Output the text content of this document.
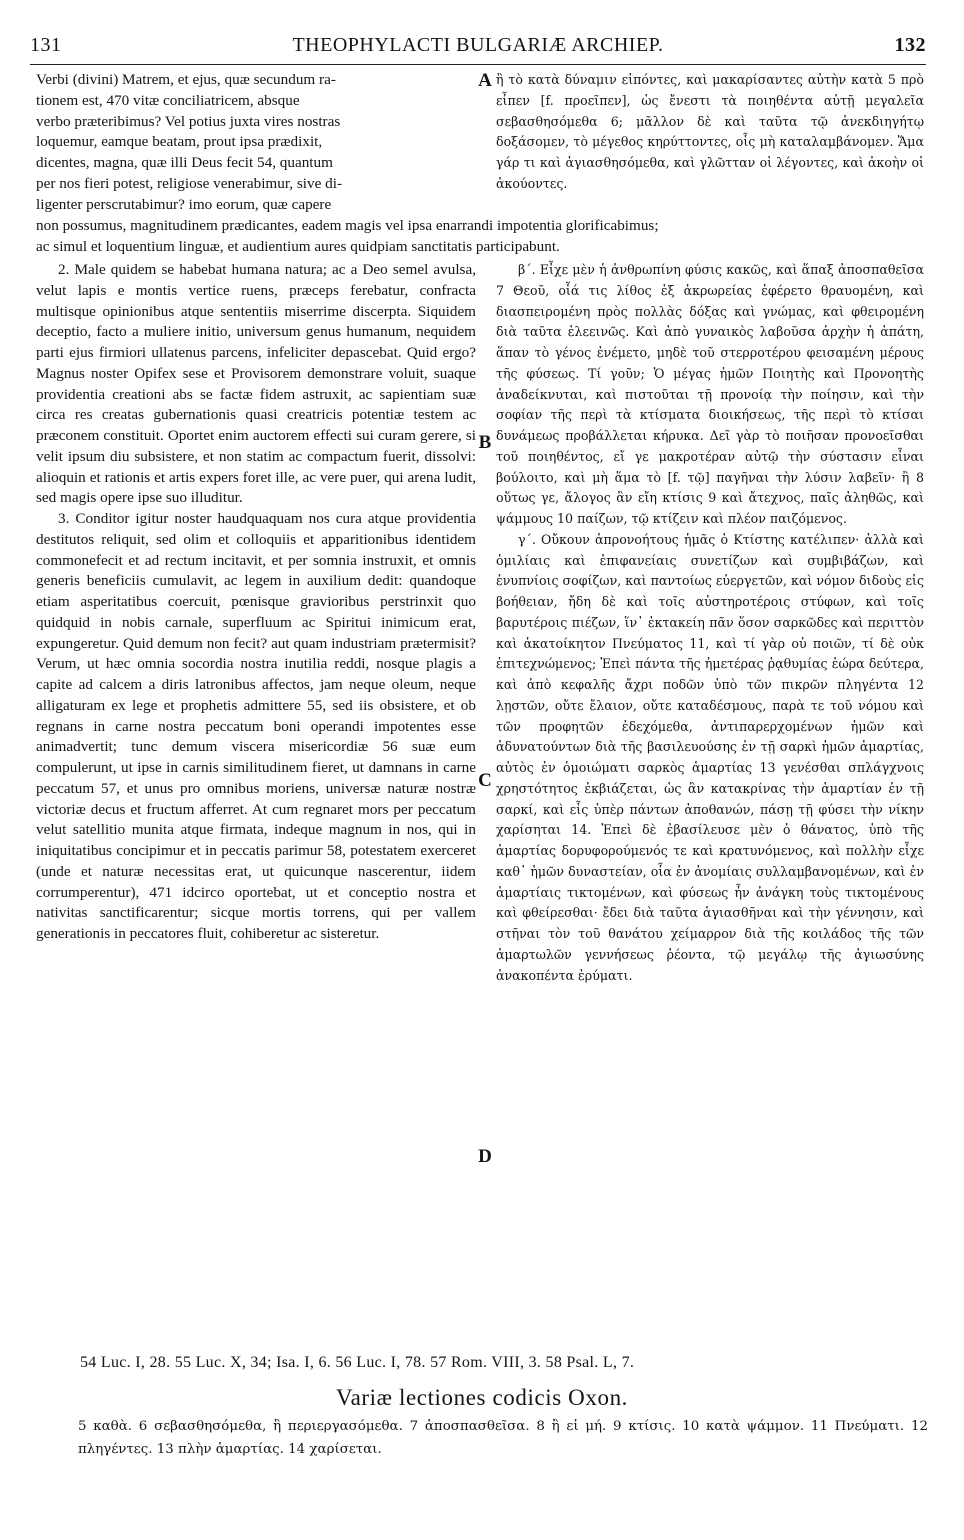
131	THEOPHYLACTI BULGARIÆ ARCHIEP.	132
Verbi (divini) Matrem, et ejus, quæ secundum ra-
tionem est, 470 vitæ conciliatricem, absque
verbo præteribimus? Vel potius juxta vires nostras
loquemur, eamque beatam, prout ipsa prædixit,
dicentes, magna, quæ illi Deus fecit 54, quantum
per nos fieri potest, religiose venerabimur, sive di-
ligenter perscrutabimur? imo eorum, quæ capere

ἢ τὸ κατὰ δύναμιν εἰπόντες, καὶ μακαρίσαντες αὐτὴν κατὰ 5 πρὸ εἶπεν [f. προεῖπεν], ὡς ἔνεστι τὰ ποιηθέντα αὐτῇ μεγαλεῖα σεβασθησόμεθα 6; μᾶλλον δὲ καὶ ταῦτα τῷ ἀνεκδιηγήτῳ δοξάσομεν, τὸ μέγεθος κηρύττοντες, οἷς μὴ καταλαμβάνομεν. Ἅμα γάρ τι καὶ ἁγιασθησόμεθα, καὶ γλῶτταν οἱ λέγοντες, καὶ ἀκοὴν οἱ ἀκούοντες.

non possumus, magnitudinem prædicantes, eadem magis vel ipsa enarrandi impotentia glorificabimus;
ac simul et loquentium linguæ, et audientium aures quidpiam sanctitatis participabunt.

2. Male quidem se habebat humana natura; ac a Deo semel avulsa, velut lapis e montis vertice ruens, præceps ferebatur, confracta multisque opinionibus atque sententiis miserrime discerpta. Siquidem deceptio, facto a muliere initio, universum genus humanum, nequidem parti ejus firmiori ullatenus parcens, infeliciter depascebat. Quid ergo? Magnus noster Opifex sese et Provisorem demonstrare voluit, suaque providentia creationi abs se factæ fidem astruxit, ac sapientiam suæ circa res creatas gubernationis quasi creatricis potentiæ testem ac præconem constituit. Oportet enim auctorem effecti sui curam gerere, si velit ipsum diu subsistere, et non statim ac compactum fuerit, dissolvi: alioquin et rationis et artis expers foret ille, ac vere puer, qui arena ludit, sed magis opere ipse suo illuditur.

3. Conditor igitur noster haudquaquam nos cura atque providentia destitutos reliquit, sed olim et colloquiis et apparitionibus identidem commonefecit et ad rectum incitavit, et per somnia instruxit, et omnis generis beneficiis cumulavit, ac legem in auxilium dedit: quandoque etiam asperitatibus coercuit, pœnisque gravioribus perstrinxit quo quidquid in nobis carnale, superfluum ac Spiritui inimicum erat, expungeretur. Quid demum non fecit? aut quam industriam prætermisit? Verum, ut hæc omnia socordia nostra inutilia reddi, nosque plagis a capite ad calcem a diris latronibus affectos, jam neque oleum, neque alligaturam ex lege et prophetis admittere 55, sed iis obsistere, et ob regnans in carne nostra peccatum boni operandi impotentes esse animadvertit; tunc demum viscera misericordiæ 56 suæ eum compulerunt, ut ipse in carnis similitudinem fieret, ut damnans in carne peccatum 57, et unus pro omnibus moriens, universæ naturæ nostræ victoriæ decus et fructum afferret. At cum regnaret mors per peccatum velut satellitio munita atque firmata, indeque magnum in nos, qui in iniquitatibus concipimur et in peccatis parimur 58, potestatem exerceret (unde et naturæ necessitas erat, ut quicunque nascerentur, iidem corrumperentur), 471 idcirco oportebat, ut et conceptio nostra et nativitas sanctificarentur; sicque mortis torrens, qui per vallem generationis in peccatores fluit, cohiberetur ac sisteretur.

β΄. Εἶχε μὲν ἡ ἀνθρωπίνη φύσις κακῶς, καὶ ἅπαξ ἀποσπαθεῖσα 7 Θεοῦ, οἷά τις λίθος ἐξ ἀκρωρείας ἐφέρετο θραυομένη, καὶ διασπειρομένη πρὸς πολλὰς δόξας καὶ γνώμας, καὶ φθειρομένη διὰ ταῦτα ἐλεεινῶς. Καὶ ἀπὸ γυναικὸς λαβοῦσα ἀρχὴν ἡ ἀπάτη, ἅπαν τὸ γένος ἐνέμετο, μηδὲ τοῦ στερροτέρου φεισαμένη μέρους τῆς φύσεως. Τί γοῦν; Ὁ μέγας ἡμῶν Ποιητὴς καὶ Προνοητὴς ἀναδείκνυται, καὶ πιστοῦται τῇ προνοίᾳ τὴν ποίησιν, καὶ τὴν σοφίαν τῆς περὶ τὰ κτίσματα διοικήσεως, τῆς περὶ τὸ κτίσαι δυνάμεως προβάλλεται κήρυκα. Δεῖ γὰρ τὸ ποιῆσαν προνοεῖσθαι τοῦ ποιηθέντος, εἴ γε μακροτέραν αὐτῷ τὴν σύστασιν εἶναι βούλοιτο, καὶ μὴ ἅμα τὸ [f. τῷ] παγῆναι τὴν λύσιν λαβεῖν· ἢ 8 οὕτως γε, ἄλογος ἂν εἴη κτίσις 9 καὶ ἄτεχνος, παῖς ἀληθῶς, καὶ ψάμμους 10 παίζων, τῷ κτίζειν καὶ πλέον παιζόμενος.

γ΄. Οὔκουν ἀπρονοήτους ἡμᾶς ὁ Κτίστης κατέλιπεν· ἀλλὰ καὶ ὁμιλίαις καὶ ἐπιφανείαις συνετίζων καὶ συμβιβάζων, καὶ ἐνυπνίοις σοφίζων, καὶ παντοίως εὐεργετῶν, καὶ νόμον διδοὺς εἰς βοήθειαν, ἤδη δὲ καὶ τοῖς αὐστηροτέροις στύφων, καὶ τοῖς βαρυτέροις πιέζων, ἵν᾽ ἐκτακείη πᾶν ὅσον σαρκῶδες καὶ περιττὸν καὶ ἀκατοίκητον Πνεύματος 11, καὶ τί γὰρ οὐ ποιῶν, τί δὲ οὐκ ἐπιτεχνώμενος; Ἐπεὶ πάντα τῆς ἡμετέρας ῥᾳθυμίας ἑώρα δεύτερα, καὶ ἀπὸ κεφαλῆς ἄχρι ποδῶν ὑπὸ τῶν πικρῶν πληγέντα 12 λῃστῶν, οὔτε ἔλαιον, οὔτε καταδέσμους, παρὰ τε τοῦ νόμου καὶ τῶν προφητῶν ἐδεχόμεθα, ἀντιπαρερχομένων ἡμῶν καὶ ἀδυνατούντων διὰ τῆς βασιλευούσης ἐν τῇ σαρκὶ ἡμῶν ἁμαρτίας, αὐτὸς ἐν ὁμοιώματι σαρκὸς ἁμαρτίας 13 γενέσθαι σπλάγχνοις χρηστότητος ἐκβιάζεται, ὡς ἂν κατακρίνας τὴν ἁμαρτίαν ἐν τῇ σαρκί, καὶ εἷς ὑπὲρ πάντων ἀποθανών, πάσῃ τῇ φύσει τὴν νίκην χαρίσηται 14. Ἐπεὶ δὲ ἐβασίλευσε μὲν ὁ θάνατος, ὑπὸ τῆς ἁμαρτίας δορυφορούμενός τε καὶ κρατυνόμενος, καὶ πολλὴν εἶχε καθ᾽ ἡμῶν δυναστείαν, οἷα ἐν ἀνομίαις συλλαμβανομένων, καὶ ἐν ἁμαρτίαις τικτομένων, καὶ φύσεως ἦν ἀνάγκη τοὺς τικτομένους καὶ φθείρεσθαι· ἔδει διὰ ταῦτα ἁγιασθῆναι καὶ τὴν γέννησιν, καὶ στῆναι τὸν τοῦ θανάτου χείμαρρον διὰ τῆς κοιλάδος τῆς τῶν ἁμαρτωλῶν γεννήσεως ῥέοντα, τῷ μεγάλῳ τῆς ἁγιωσύνης ἀνακοπέντα ἐρύματι.

A
B
C
D
54 Luc. I, 28. 55 Luc. X, 34; Isa. I, 6. 56 Luc. I, 78. 57 Rom. VIII, 3. 58 Psal. L, 7.
Variæ lectiones codicis Oxon.
5 καθὰ. 6 σεβασθησόμεθα, ἢ περιεργασόμεθα. 7 ἀποσπασθεῖσα. 8 ἢ εἰ μή. 9 κτίσις. 10 κατὰ ψάμμον. 11 Πνεύματι. 12 πληγέντες. 13 πλὴν ἁμαρτίας. 14 χαρίσεται.
